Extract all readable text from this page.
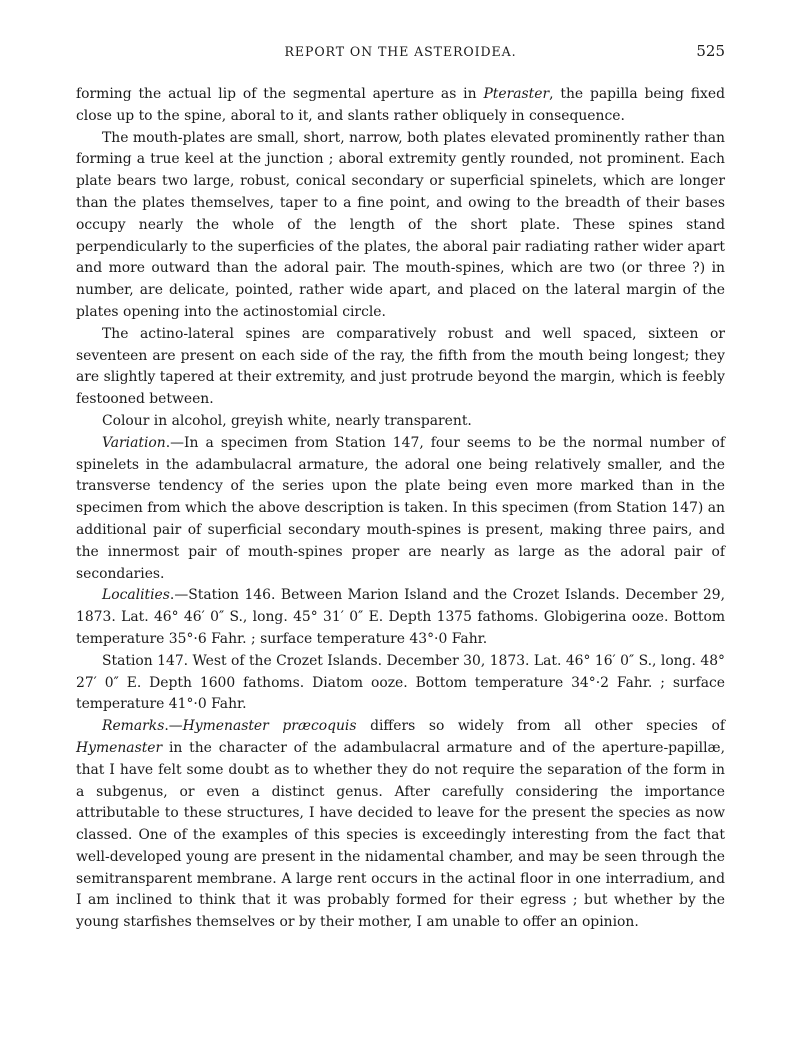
REPORT ON THE ASTEROIDEA.	525

forming the actual lip of the segmental aperture as in Pteraster, the papilla being fixed close up to the spine, aboral to it, and slants rather obliquely in consequence.

The mouth-plates are small, short, narrow, both plates elevated prominently rather than forming a true keel at the junction ; aboral extremity gently rounded, not prominent. Each plate bears two large, robust, conical secondary or superficial spinelets, which are longer than the plates themselves, taper to a fine point, and owing to the breadth of their bases occupy nearly the whole of the length of the short plate. These spines stand perpendicularly to the superficies of the plates, the aboral pair radiating rather wider apart and more outward than the adoral pair. The mouth-spines, which are two (or three ?) in number, are delicate, pointed, rather wide apart, and placed on the lateral margin of the plates opening into the actinostomial circle.

The actino-lateral spines are comparatively robust and well spaced, sixteen or seventeen are present on each side of the ray, the fifth from the mouth being longest; they are slightly tapered at their extremity, and just protrude beyond the margin, which is feebly festooned between.

Colour in alcohol, greyish white, nearly transparent.

Variation.—In a specimen from Station 147, four seems to be the normal number of spinelets in the adambulacral armature, the adoral one being relatively smaller, and the transverse tendency of the series upon the plate being even more marked than in the specimen from which the above description is taken. In this specimen (from Station 147) an additional pair of superficial secondary mouth-spines is present, making three pairs, and the innermost pair of mouth-spines proper are nearly as large as the adoral pair of secondaries.

Localities.—Station 146. Between Marion Island and the Crozet Islands. December 29, 1873. Lat. 46° 46′ 0″ S., long. 45° 31′ 0″ E. Depth 1375 fathoms. Globigerina ooze. Bottom temperature 35°·6 Fahr. ; surface temperature 43°·0 Fahr.

Station 147. West of the Crozet Islands. December 30, 1873. Lat. 46° 16′ 0″ S., long. 48° 27′ 0″ E. Depth 1600 fathoms. Diatom ooze. Bottom temperature 34°·2 Fahr. ; surface temperature 41°·0 Fahr.

Remarks.—Hymenaster præcoquis differs so widely from all other species of Hymenaster in the character of the adambulacral armature and of the aperture-papillæ, that I have felt some doubt as to whether they do not require the separation of the form in a subgenus, or even a distinct genus. After carefully considering the importance attributable to these structures, I have decided to leave for the present the species as now classed. One of the examples of this species is exceedingly interesting from the fact that well-developed young are present in the nidamental chamber, and may be seen through the semitransparent membrane. A large rent occurs in the actinal floor in one interradium, and I am inclined to think that it was probably formed for their egress ; but whether by the young starfishes themselves or by their mother, I am unable to offer an opinion.
